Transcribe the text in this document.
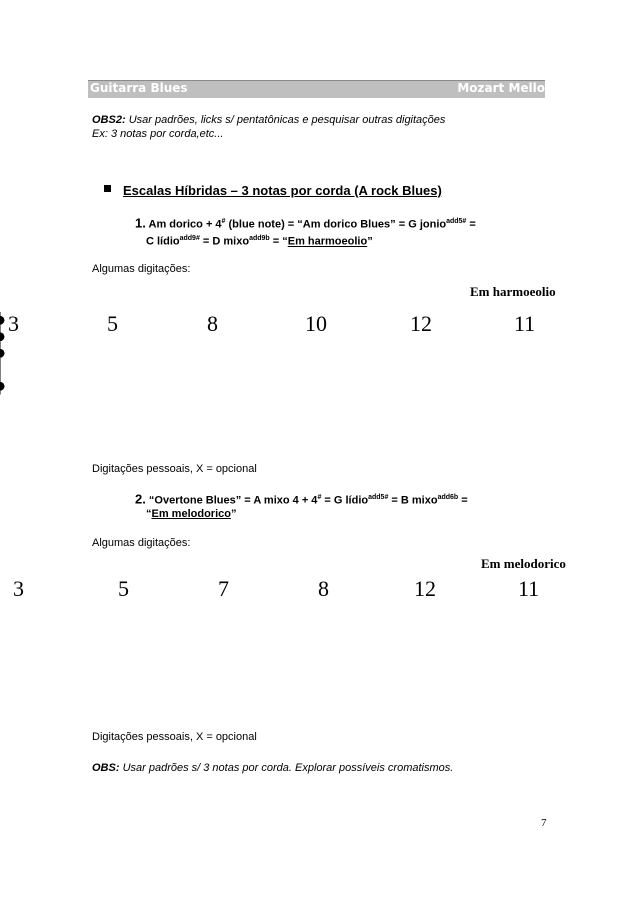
Guitarra Blues	Mozart Mello
OBS2: Usar padrões, licks s/ pentatônicas e pesquisar outras digitações
Ex: 3 notas por corda,etc...
Escalas Híbridas – 3 notas por corda (A rock Blues)
1. Am dorico + 4# (blue note) = “Am dorico Blues” = G jonio$^{add5\#}$ =
C lídio$^{add9\#}$ = D mixo$^{add9b}$ = “Em harmoeolio”
Algumas digitações:
Em harmoeolio
3	5	8	10	12	11
Digitações pessoais, X = opcional
2. “Overtone Blues” = A mixo 4 + 4# = G lídio$^{add5\#}$ = B mixo$^{add6b}$ =
“Em melodorico”
Algumas digitações:
Em melodorico
3	5	7	8	12	11
Digitações pessoais, X = opcional
OBS: Usar padrões s/ 3 notas por corda. Explorar possíveis cromatismos.
7
